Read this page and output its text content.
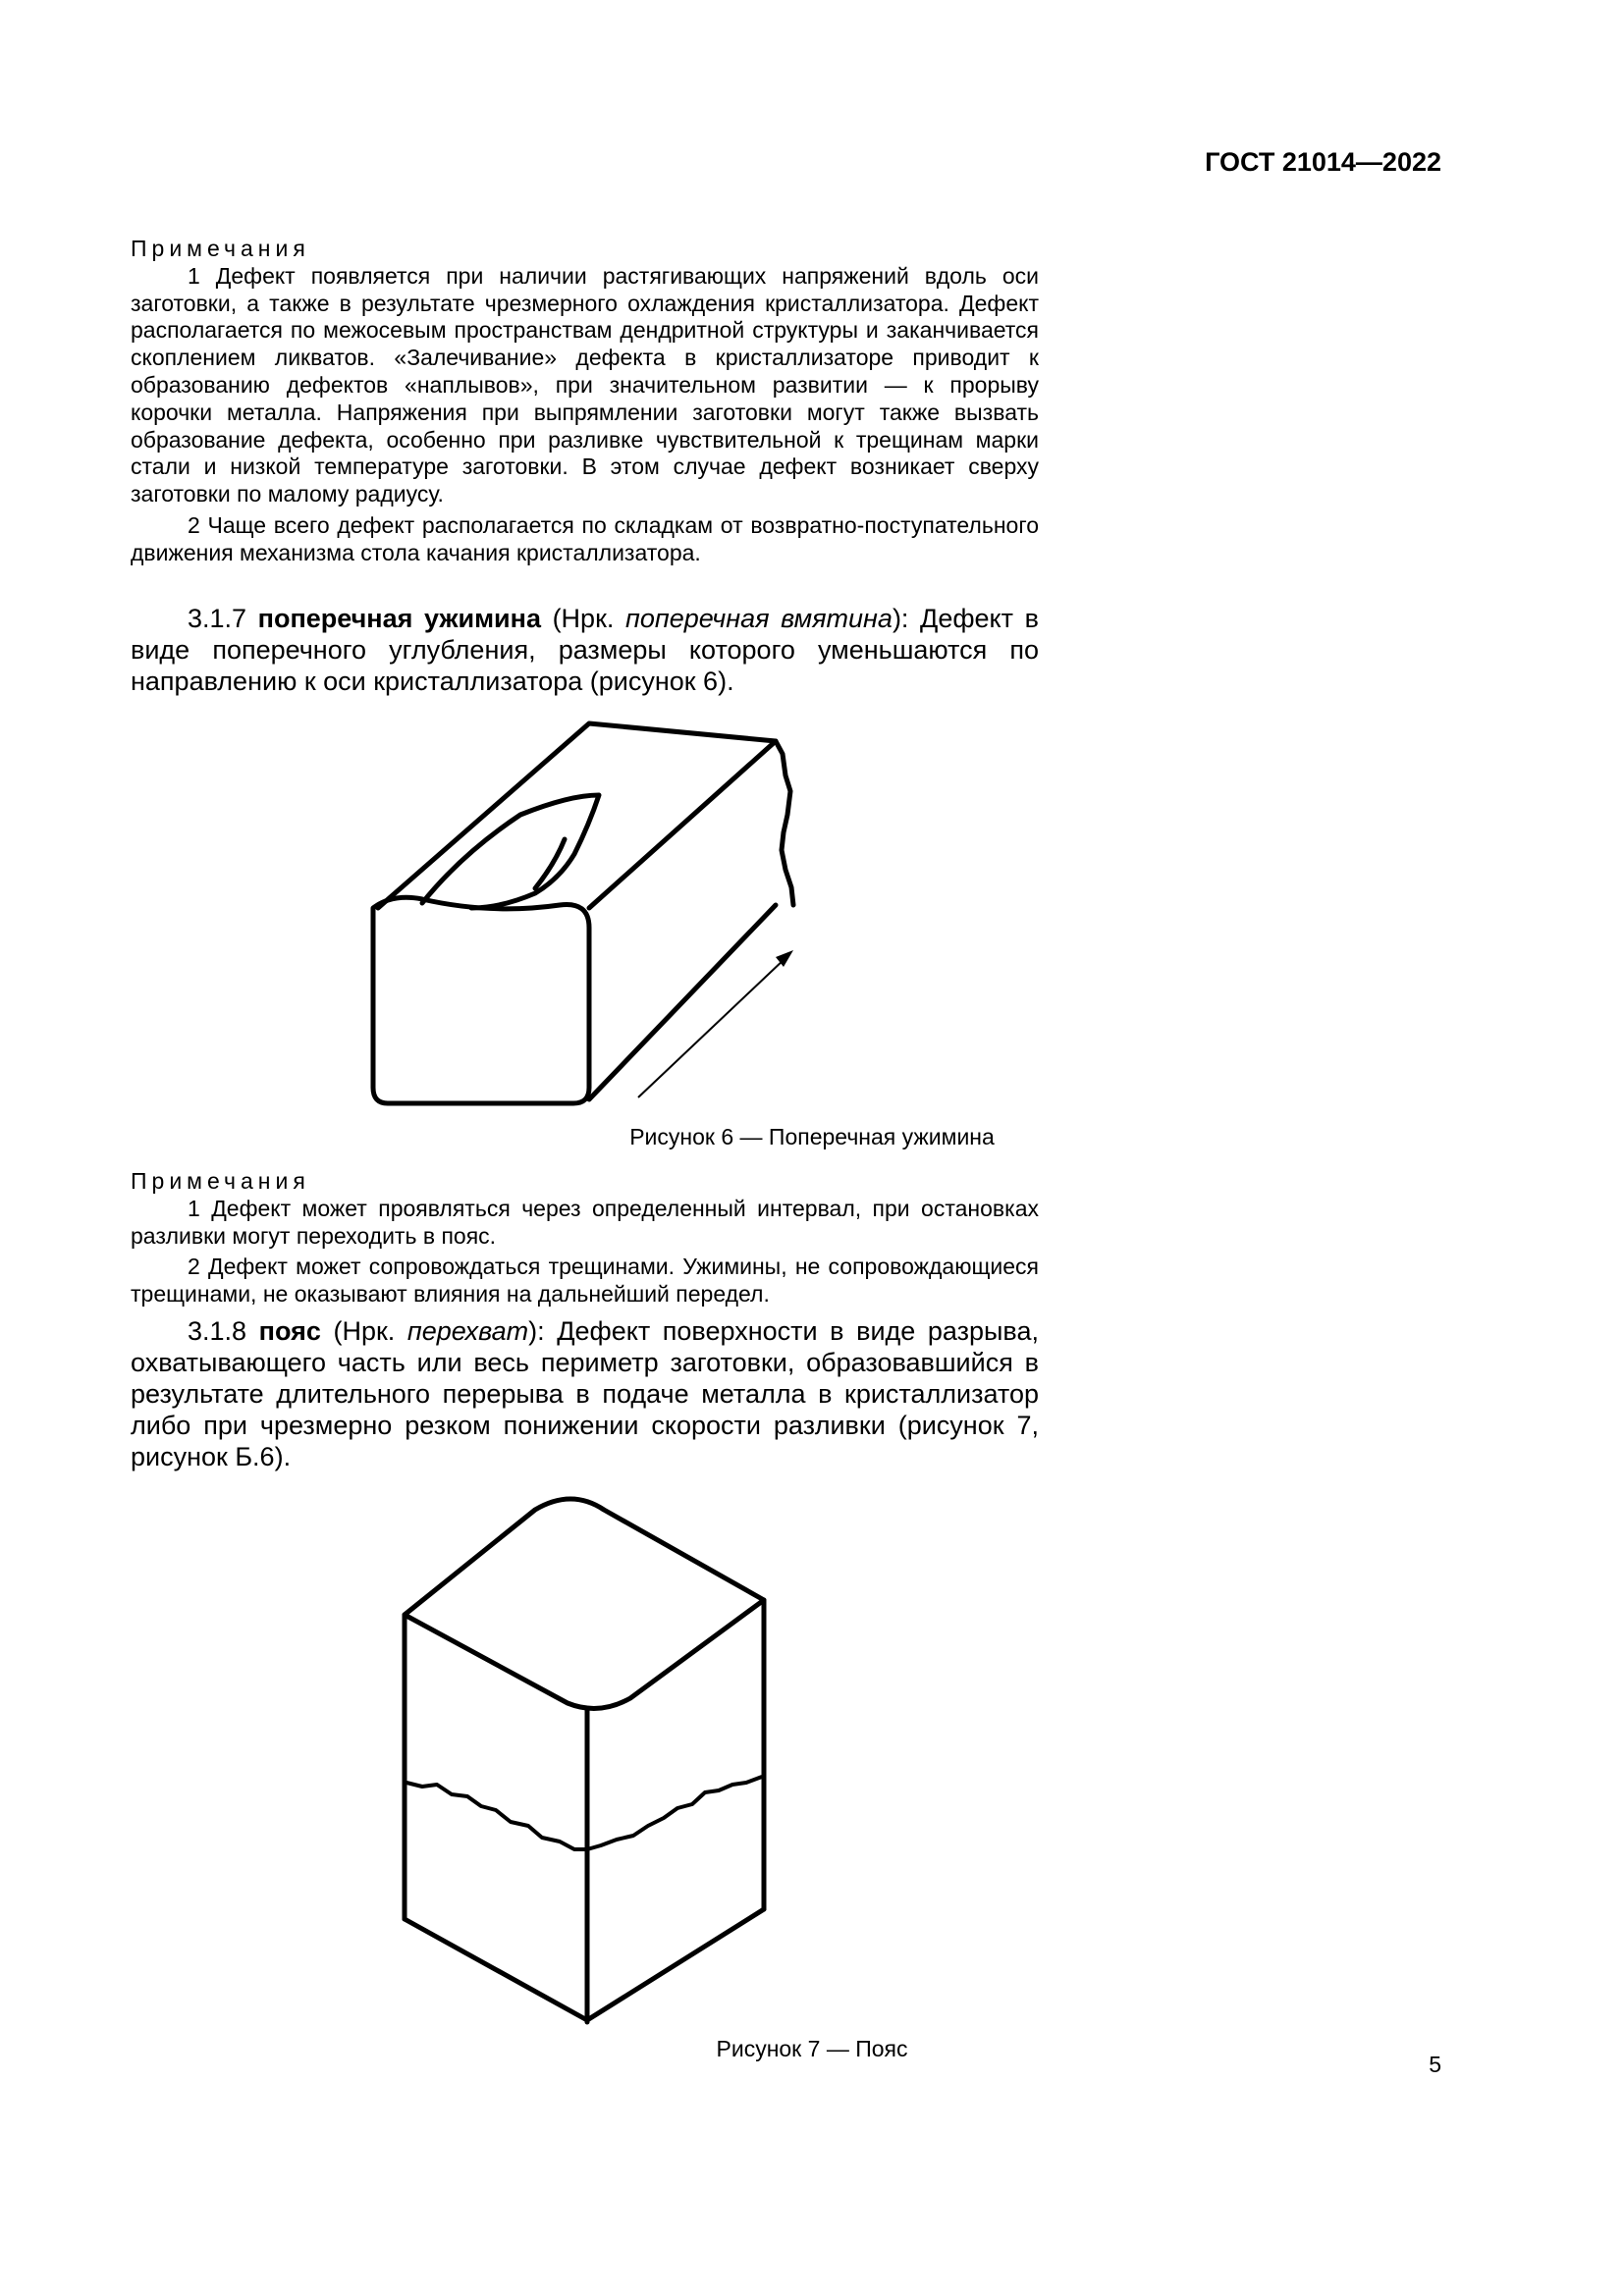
ГОСТ 21014—2022

Примечания

1 Дефект появляется при наличии растягивающих напряжений вдоль оси заготовки, а также в результате чрезмерного охлаждения кристаллизатора. Дефект располагается по межосевым пространствам дендритной структуры и заканчивается скоплением ликватов. «Залечивание» дефекта в кристаллизаторе приводит к образованию дефектов «наплывов», при значительном развитии — к прорыву корочки металла. Напряжения при выпрямлении заготовки могут также вызвать образование дефекта, особенно при разливке чувствительной к трещинам марки стали и низкой температуре заготовки. В этом случае дефект возникает сверху заготовки по малому радиусу.

2 Чаще всего дефект располагается по складкам от возвратно-поступательного движения механизма стола качания кристаллизатора.

3.1.7 поперечная ужимина (Нрк. поперечная вмятина): Дефект в виде поперечного углубления, размеры которого уменьшаются по направлению к оси кристаллизатора (рисунок 6).

Рисунок 6 — Поперечная ужимина

Примечания

1 Дефект может проявляться через определенный интервал, при остановках разливки могут переходить в пояс.

2 Дефект может сопровождаться трещинами. Ужимины, не сопровождающиеся трещинами, не оказывают влияния на дальнейший передел.

3.1.8 пояс (Нрк. перехват): Дефект поверхности в виде разрыва, охватывающего часть или весь периметр заготовки, образовавшийся в результате длительного перерыва в подаче металла в кристаллизатор либо при чрезмерно резком понижении скорости разливки (рисунок 7, рисунок Б.6).

Рисунок 7 — Пояс
5
